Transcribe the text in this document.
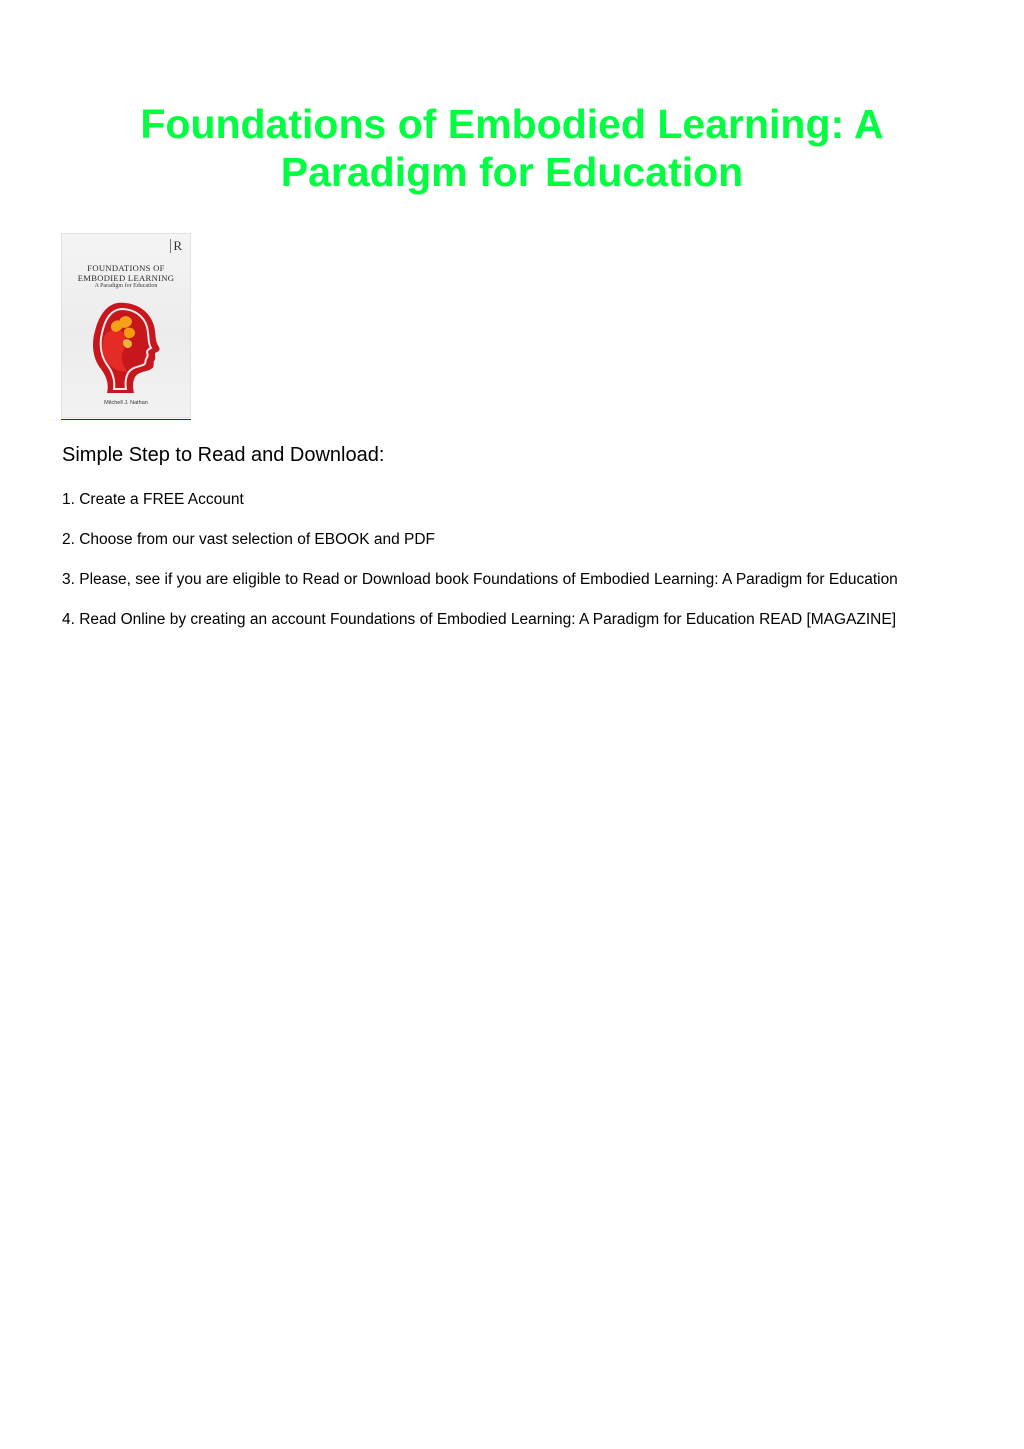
Foundations of Embodied Learning: A Paradigm for Education
R
FOUNDATIONS OF
EMBODIED LEARNING
A Paradigm for Education
Mitchell J. Nathan
Simple Step to Read and Download:
1. Create a FREE Account
2. Choose from our vast selection of EBOOK and PDF
3. Please, see if you are eligible to Read or Download book Foundations of Embodied Learning: A Paradigm for Education
4. Read Online by creating an account Foundations of Embodied Learning: A Paradigm for Education READ [MAGAZINE]
